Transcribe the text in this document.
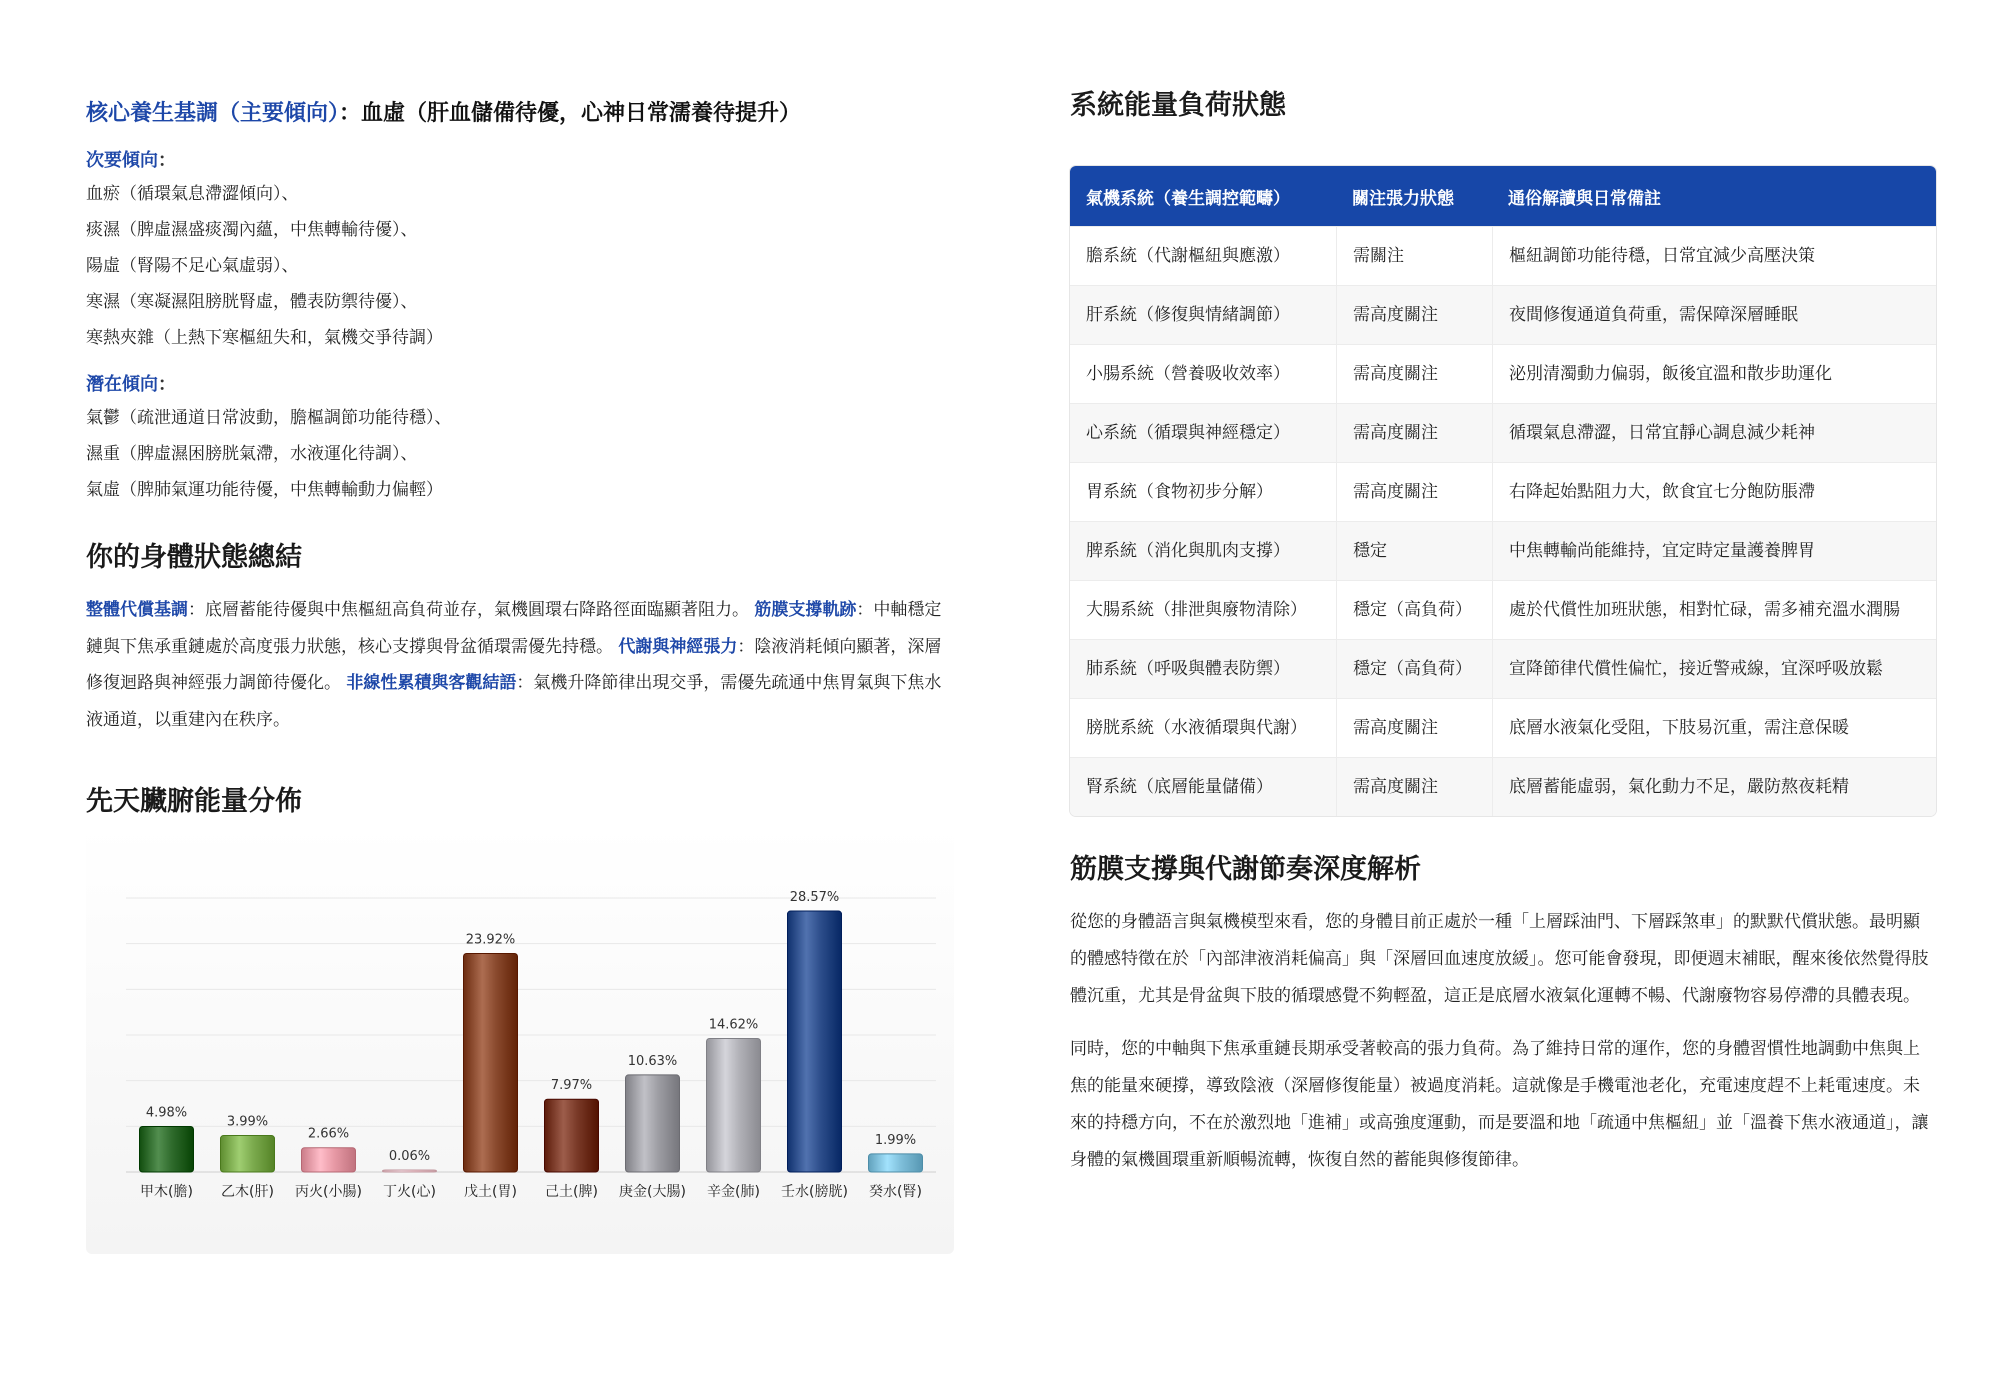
核心養生基調（主要傾向）：血虛（肝血儲備待優，心神日常濡養待提升）
次要傾向：
血瘀（循環氣息滯澀傾向）、
痰濕（脾虛濕盛痰濁內蘊，中焦轉輸待優）、
陽虛（腎陽不足心氣虛弱）、
寒濕（寒凝濕阻膀胱腎虛，體表防禦待優）、
寒熱夾雜（上熱下寒樞紐失和，氣機交爭待調）
潛在傾向：
氣鬱（疏泄通道日常波動，膽樞調節功能待穩）、
濕重（脾虛濕困膀胱氣滯，水液運化待調）、
氣虛（脾肺氣運功能待優，中焦轉輸動力偏輕）
你的身體狀態總結
整體代償基調：底層蓄能待優與中焦樞紐高負荷並存，氣機圓環右降路徑面臨顯著阻力。 筋膜支撐軌跡：中軸穩定鏈與下焦承重鏈處於高度張力狀態，核心支撐與骨盆循環需優先持穩。 代謝與神經張力：陰液消耗傾向顯著，深層修復迴路與神經張力調節待優化。 非線性累積與客觀結語：氣機升降節律出現交爭，需優先疏通中焦胃氣與下焦水液通道，以重建內在秩序。
先天臟腑能量分佈
4.98%
甲木(膽)
3.99%
乙木(肝)
2.66%
丙火(小腸)
0.06%
丁火(心)
23.92%
戊土(胃)
7.97%
己土(脾)
10.63%
庚金(大腸)
14.62%
辛金(肺)
28.57%
壬水(膀胱)
1.99%
癸水(腎)
系統能量負荷狀態
氣機系統（養生調控範疇）	關注張力狀態	通俗解讀與日常備註
膽系統（代謝樞紐與應激）	需關注	樞紐調節功能待穩，日常宜減少高壓決策
肝系統（修復與情緒調節）	需高度關注	夜間修復通道負荷重，需保障深層睡眠
小腸系統（營養吸收效率）	需高度關注	泌別清濁動力偏弱，飯後宜溫和散步助運化
心系統（循環與神經穩定）	需高度關注	循環氣息滯澀，日常宜靜心調息減少耗神
胃系統（食物初步分解）	需高度關注	右降起始點阻力大，飲食宜七分飽防脹滯
脾系統（消化與肌肉支撐）	穩定	中焦轉輸尚能維持，宜定時定量護養脾胃
大腸系統（排泄與廢物清除）	穩定（高負荷）	處於代償性加班狀態，相對忙碌，需多補充溫水潤腸
肺系統（呼吸與體表防禦）	穩定（高負荷）	宣降節律代償性偏忙，接近警戒線，宜深呼吸放鬆
膀胱系統（水液循環與代謝）	需高度關注	底層水液氣化受阻，下肢易沉重，需注意保暖
腎系統（底層能量儲備）	需高度關注	底層蓄能虛弱，氣化動力不足，嚴防熬夜耗精
筋膜支撐與代謝節奏深度解析

從您的身體語言與氣機模型來看，您的身體目前正處於一種「上層踩油門、下層踩煞車」的默默代償狀態。最明顯的體感特徵在於「內部津液消耗偏高」與「深層回血速度放緩」。您可能會發現，即便週末補眠，醒來後依然覺得肢體沉重，尤其是骨盆與下肢的循環感覺不夠輕盈，這正是底層水液氣化運轉不暢、代謝廢物容易停滯的具體表現。

同時，您的中軸與下焦承重鏈長期承受著較高的張力負荷。為了維持日常的運作，您的身體習慣性地調動中焦與上焦的能量來硬撐，導致陰液（深層修復能量）被過度消耗。這就像是手機電池老化，充電速度趕不上耗電速度。未來的持穩方向，不在於激烈地「進補」或高強度運動，而是要溫和地「疏通中焦樞紐」並「溫養下焦水液通道」，讓身體的氣機圓環重新順暢流轉，恢復自然的蓄能與修復節律。
